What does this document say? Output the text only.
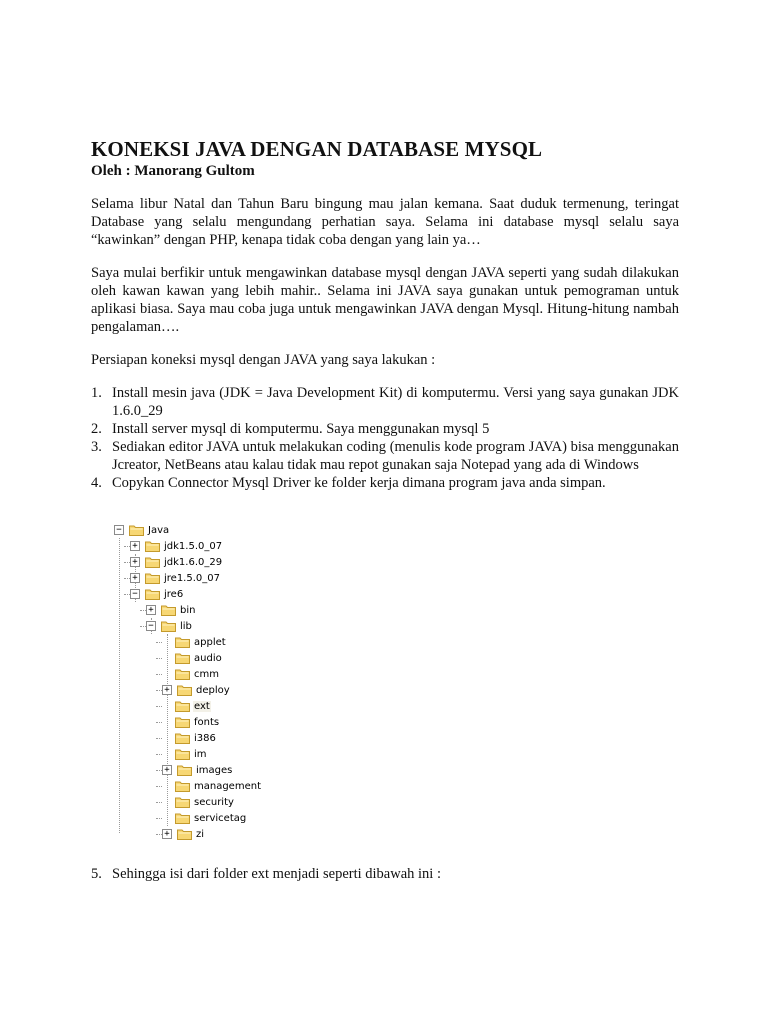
KONEKSI JAVA DENGAN DATABASE MYSQL
Oleh : Manorang Gultom

Selama libur Natal dan Tahun Baru bingung mau jalan kemana. Saat duduk termenung, teringat Database yang selalu mengundang perhatian saya. Selama ini database mysql selalu saya “kawinkan” dengan PHP, kenapa tidak coba dengan yang lain ya…

Saya mulai berfikir untuk mengawinkan database mysql dengan JAVA seperti yang sudah dilakukan oleh kawan kawan yang lebih mahir.. Selama ini JAVA saya gunakan untuk pemograman untuk aplikasi biasa. Saya mau coba juga untuk mengawinkan JAVA dengan Mysql. Hitung-hitung nambah pengalaman….

Persiapan koneksi mysql dengan JAVA yang saya lakukan :

1. Install mesin java (JDK = Java Development Kit) di komputermu. Versi yang saya gunakan JDK 1.6.0_29
2. Install server mysql di komputermu. Saya menggunakan mysql 5
3. Sediakan editor JAVA untuk melakukan coding (menulis kode program JAVA) bisa menggunakan Jcreator, NetBeans atau kalau tidak mau repot gunakan saja Notepad yang ada di Windows
4. Copykan Connector Mysql Driver ke folder kerja dimana program java anda simpan.
−	Java
+	jdk1.5.0_07
+	jdk1.6.0_29
+	jre1.5.0_07
−	jre6
+	bin
−	lib
applet
audio
cmm
+	deploy
ext
fonts
i386
im
+	images
management
security
servicetag
+	zi
5. Sehingga isi dari folder ext menjadi seperti dibawah ini :
